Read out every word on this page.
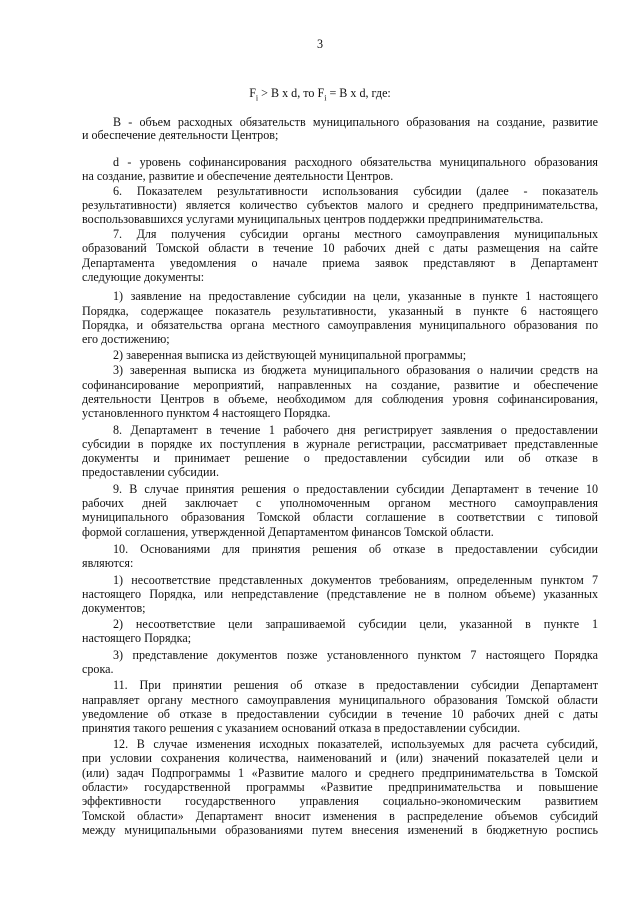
3

$F_i > B$ x d, то $F_i = B$ x d, где:

В - объем расходных обязательств муниципального образования на создание, развитие

и обеспечение деятельности Центров;

d - уровень софинансирования расходного обязательства муниципального образования

на создание, развитие и обеспечение деятельности Центров.

6. Показателем результативности использования субсидии (далее - показатель

результативности) является количество субъектов малого и среднего предпринимательства,

воспользовавшихся услугами муниципальных центров поддержки предпринимательства.

7. Для получения субсидии органы местного самоуправления муниципальных

образований Томской области в течение 10 рабочих дней с даты размещения на сайте

Департамента уведомления о начале приема заявок представляют в Департамент

следующие документы:

1) заявление на предоставление субсидии на цели, указанные в пункте 1 настоящего

Порядка, содержащее показатель результативности, указанный в пункте 6 настоящего

Порядка, и обязательства органа местного самоуправления муниципального образования по

его достижению;

2) заверенная выписка из действующей муниципальной программы;

3) заверенная выписка из бюджета муниципального образования о наличии средств на

софинансирование мероприятий, направленных на создание, развитие и обеспечение

деятельности Центров в объеме, необходимом для соблюдения уровня софинансирования,

установленного пунктом 4 настоящего Порядка.

8. Департамент в течение 1 рабочего дня регистрирует заявления о предоставлении

субсидии в порядке их поступления в журнале регистрации, рассматривает представленные

документы и принимает решение о предоставлении субсидии или об отказе в

предоставлении субсидии.

9. В случае принятия решения о предоставлении субсидии Департамент в течение 10

рабочих дней заключает с уполномоченным органом местного самоуправления

муниципального образования Томской области соглашение в соответствии с типовой

формой соглашения, утвержденной Департаментом финансов Томской области.

10. Основаниями для принятия решения об отказе в предоставлении субсидии

являются:

1) несоответствие представленных документов требованиям, определенным пунктом 7

настоящего Порядка, или непредставление (представление не в полном объеме) указанных

документов;

2) несоответствие цели запрашиваемой субсидии цели, указанной в пункте 1

настоящего Порядка;

3) представление документов позже установленного пунктом 7 настоящего Порядка

срока.

11. При принятии решения об отказе в предоставлении субсидии Департамент

направляет органу местного самоуправления муниципального образования Томской области

уведомление об отказе в предоставлении субсидии в течение 10 рабочих дней с даты

принятия такого решения с указанием оснований отказа в предоставлении субсидии.

12. В случае изменения исходных показателей, используемых для расчета субсидий,

при условии сохранения количества, наименований и (или) значений показателей цели и

(или) задач Подпрограммы 1 «Развитие малого и среднего предпринимательства в Томской

области» государственной программы «Развитие предпринимательства и повышение

эффективности государственного управления социально-экономическим развитием

Томской области» Департамент вносит изменения в распределение объемов субсидий

между муниципальными образованиями путем внесения изменений в бюджетную роспись
